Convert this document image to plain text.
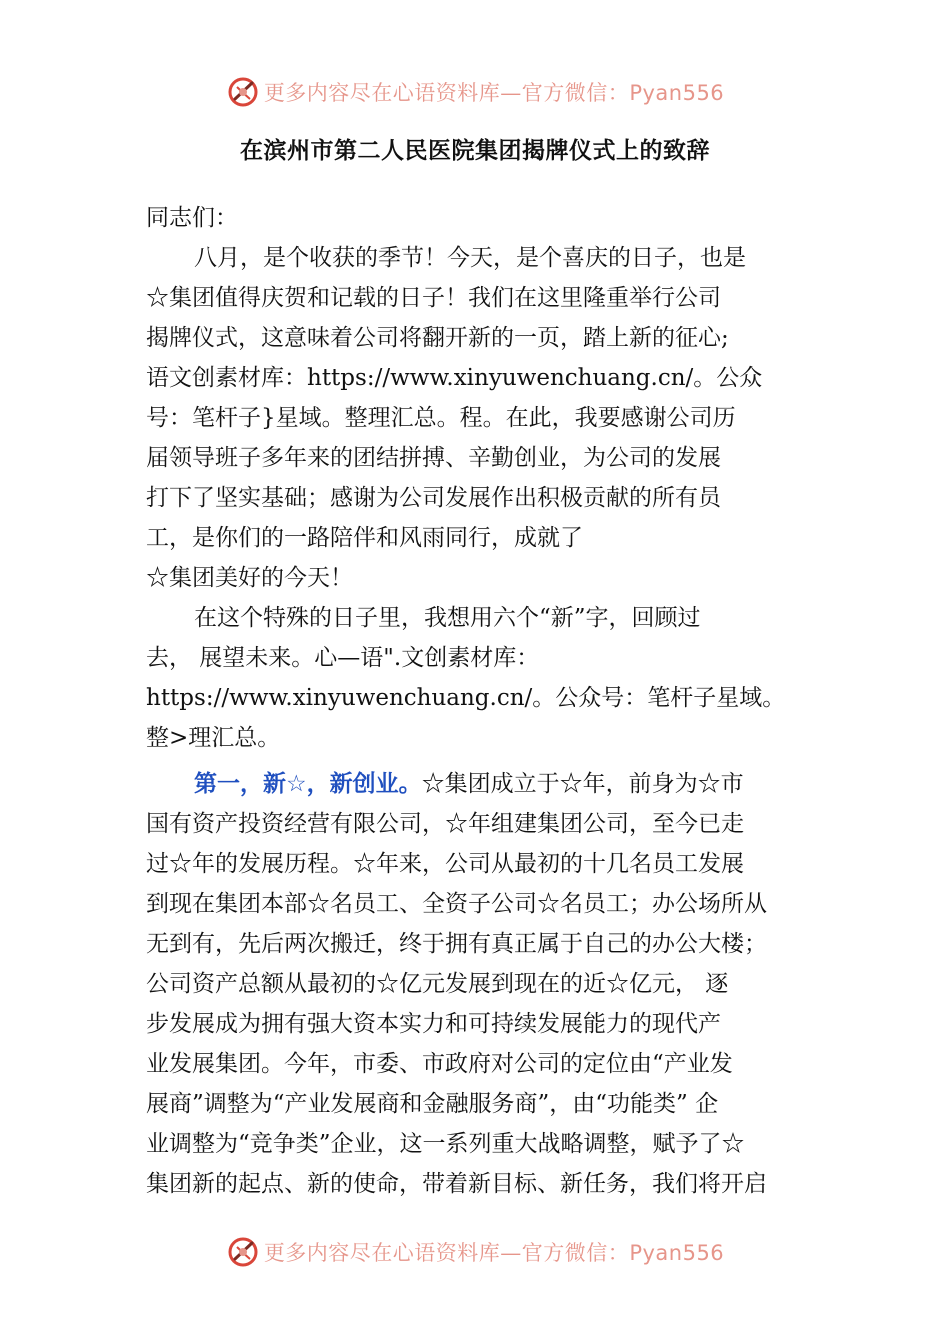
更多内容尽在心语资料库—官方微信：Pyan556
在滨州市第二人民医院集团揭牌仪式上的致辞
同志们：
八月，是个收获的季节！今天，是个喜庆的日子，也是
☆集团值得庆贺和记载的日子！我们在这里隆重举行公司
揭牌仪式，这意味着公司将翻开新的一页，踏上新的征心;
语文创素材库：https://www.xinyuwenchuang.cn/。公众
号：笔杆子}星域。整理汇总。程。在此，我要感谢公司历
届领导班子多年来的团结拼搏、辛勤创业，为公司的发展
打下了坚实基础；感谢为公司发展作出积极贡献的所有员
工，是你们的一路陪伴和风雨同行，成就了
☆集团美好的今天！
在这个特殊的日子里，我想用六个“新”字，回顾过
去， 展望未来。心—语".文创素材库：
https://www.xinyuwenchuang.cn/。公众号：笔杆子星域。
整>理汇总。
第一，新☆，新创业。 ☆集团成立于☆年，前身为☆市
国有资产投资经营有限公司，☆年组建集团公司，至今已走
过☆年的发展历程。☆年来，公司从最初的十几名员工发展
到现在集团本部☆名员工、全资子公司☆名员工；办公场所从
无到有，先后两次搬迁，终于拥有真正属于自己的办公大楼；
公司资产总额从最初的☆亿元发展到现在的近☆亿元， 逐
步发展成为拥有强大资本实力和可持续发展能力的现代产
业发展集团。今年，市委、市政府对公司的定位由“产业发
展商”调整为“产业发展商和金融服务商”，由“功能类” 企
业调整为“竞争类”企业，这一系列重大战略调整，赋予了☆
集团新的起点、新的使命，带着新目标、新任务，我们将开启
更多内容尽在心语资料库—官方微信：Pyan556
